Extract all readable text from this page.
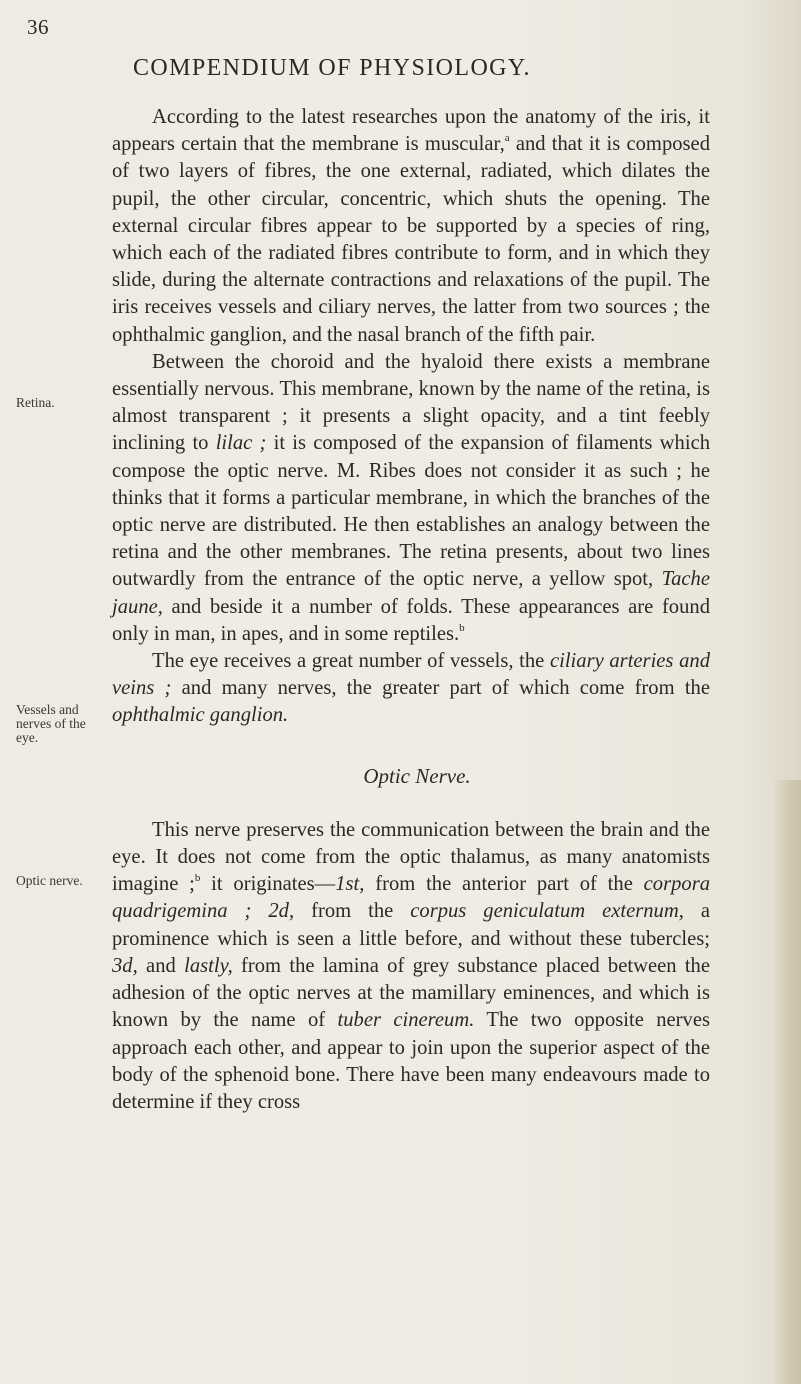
36
COMPENDIUM OF PHYSIOLOGY.
Retina.
Vessels and nerves of the eye.
Optic nerve.

According to the latest researches upon the anatomy of the iris, it appears certain that the membrane is muscular,$^a$ and that it is composed of two layers of fibres, the one external, radiated, which dilates the pupil, the other circular, concentric, which shuts the opening. The external circular fibres appear to be supported by a species of ring, which each of the radiated fibres contribute to form, and in which they slide, during the alternate contractions and relaxations of the pupil. The iris receives vessels and ciliary nerves, the latter from two sources ; the ophthalmic ganglion, and the nasal branch of the fifth pair.

Between the choroid and the hyaloid there exists a membrane essentially nervous. This membrane, known by the name of the retina, is almost transparent ; it presents a slight opacity, and a tint feebly inclining to lilac ; it is composed of the expansion of filaments which compose the optic nerve. M. Ribes does not consider it as such ; he thinks that it forms a particular membrane, in which the branches of the optic nerve are distributed. He then establishes an analogy between the retina and the other membranes. The retina presents, about two lines outwardly from the entrance of the optic nerve, a yellow spot, Tache jaune, and beside it a number of folds. These appearances are found only in man, in apes, and in some reptiles.$^b$

The eye receives a great number of vessels, the ciliary arteries and veins ; and many nerves, the greater part of which come from the ophthalmic ganglion.

Optic Nerve.

This nerve preserves the communication between the brain and the eye. It does not come from the optic thalamus, as many anatomists imagine ;$^b$ it originates—1st, from the anterior part of the corpora quadrigemina ; 2d, from the corpus geniculatum externum, a prominence which is seen a little before, and without these tubercles; 3d, and lastly, from the lamina of grey substance placed between the adhesion of the optic nerves at the mamillary eminences, and which is known by the name of tuber cinereum. The two opposite nerves approach each other, and appear to join upon the superior aspect of the body of the sphenoid bone. There have been many endeavours made to determine if they cross
